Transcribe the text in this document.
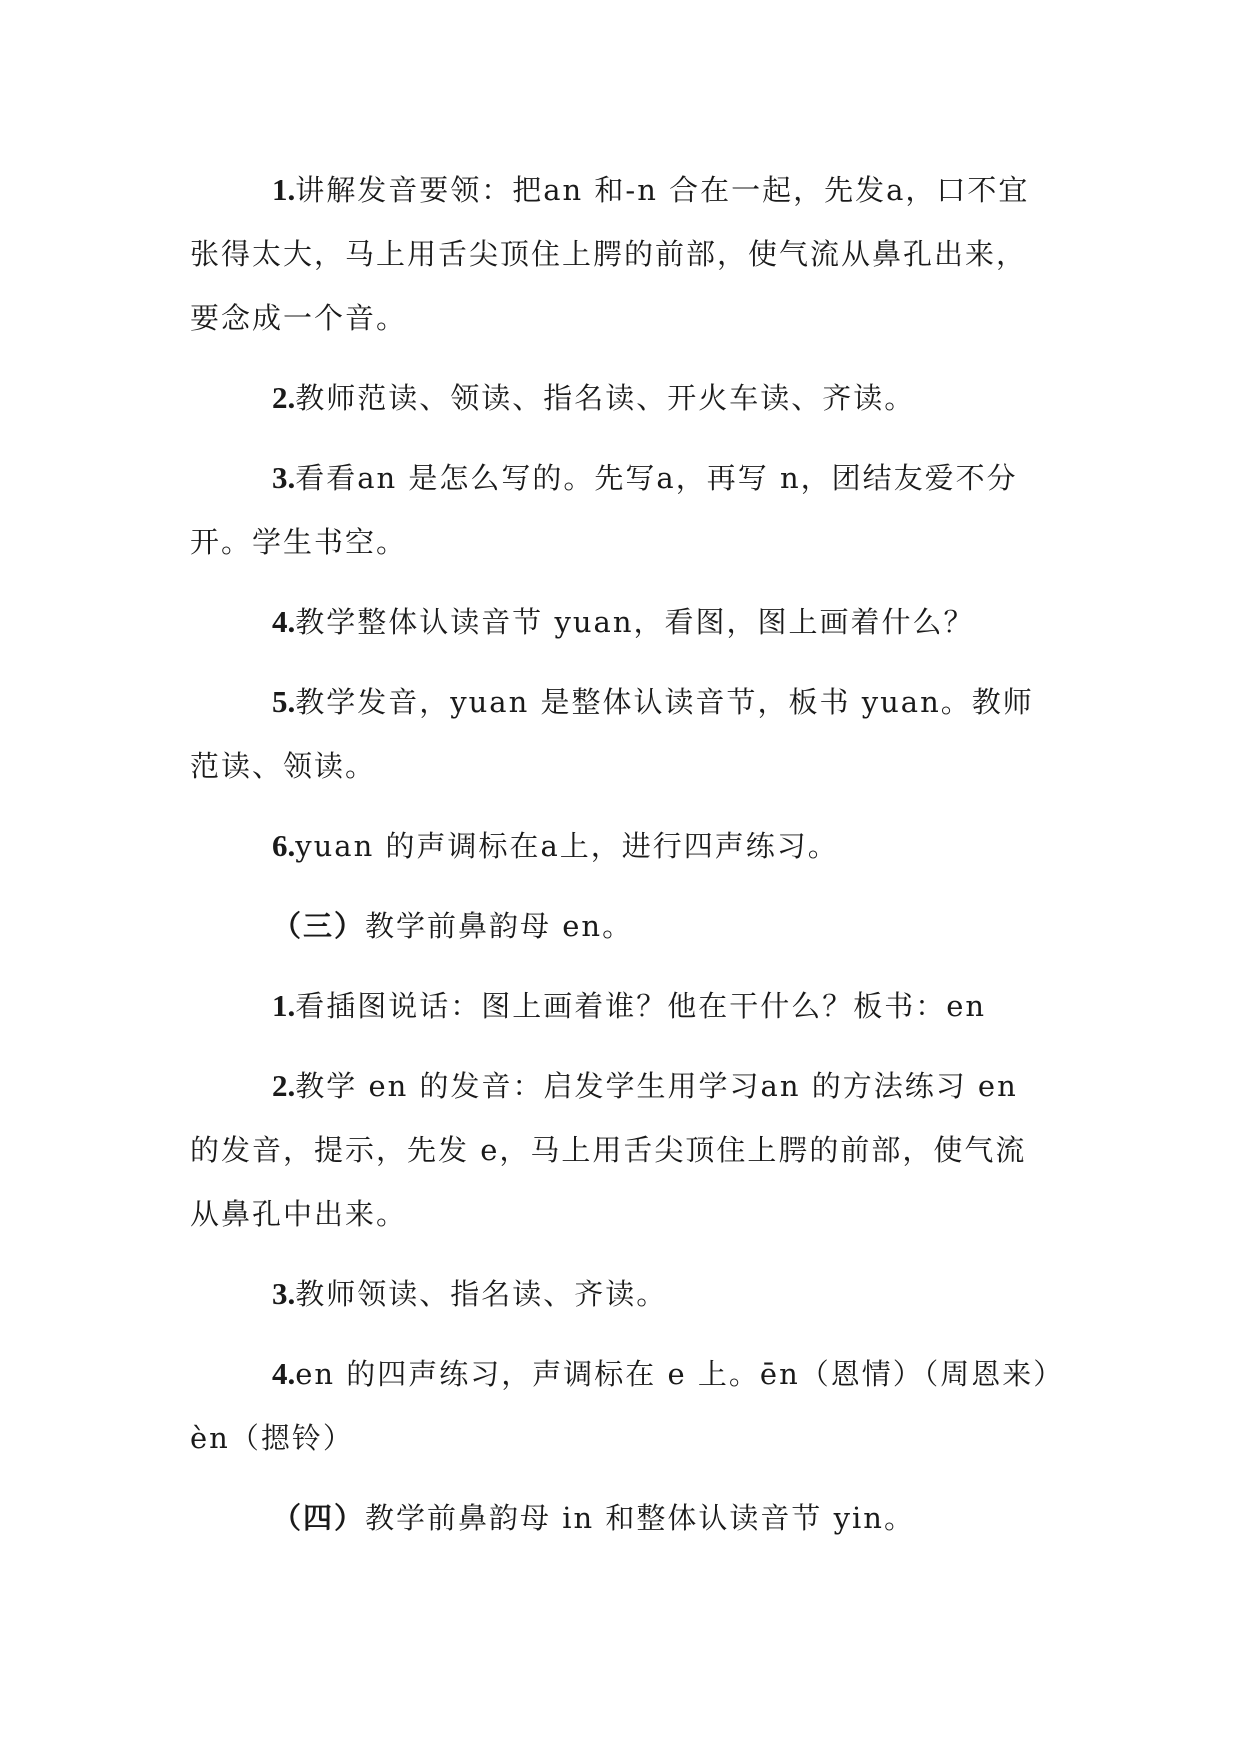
1.讲解发音要领：把an 和-n 合在一起，先发a，口不宜张得太大，马上用舌尖顶住上腭的前部，使气流从鼻孔出来，要念成一个音。

2.教师范读、领读、指名读、开火车读、齐读。

3.看看an 是怎么写的。先写a，再写 n，团结友爱不分开。学生书空。

4.教学整体认读音节 yuan，看图，图上画着什么？

5.教学发音，yuan 是整体认读音节，板书 yuan。教师范读、领读。

6.yuan 的声调标在a上，进行四声练习。

（三）教学前鼻韵母 en。

1.看插图说话：图上画着谁？他在干什么？板书：en

2.教学 en 的发音：启发学生用学习an 的方法练习 en 的发音，提示，先发 e，马上用舌尖顶住上腭的前部，使气流从鼻孔中出来。

3.教师领读、指名读、齐读。

4.en 的四声练习，声调标在 e 上。ēn（恩情）（周恩来）èn（摁铃）

（四）教学前鼻韵母 in 和整体认读音节 yin。
